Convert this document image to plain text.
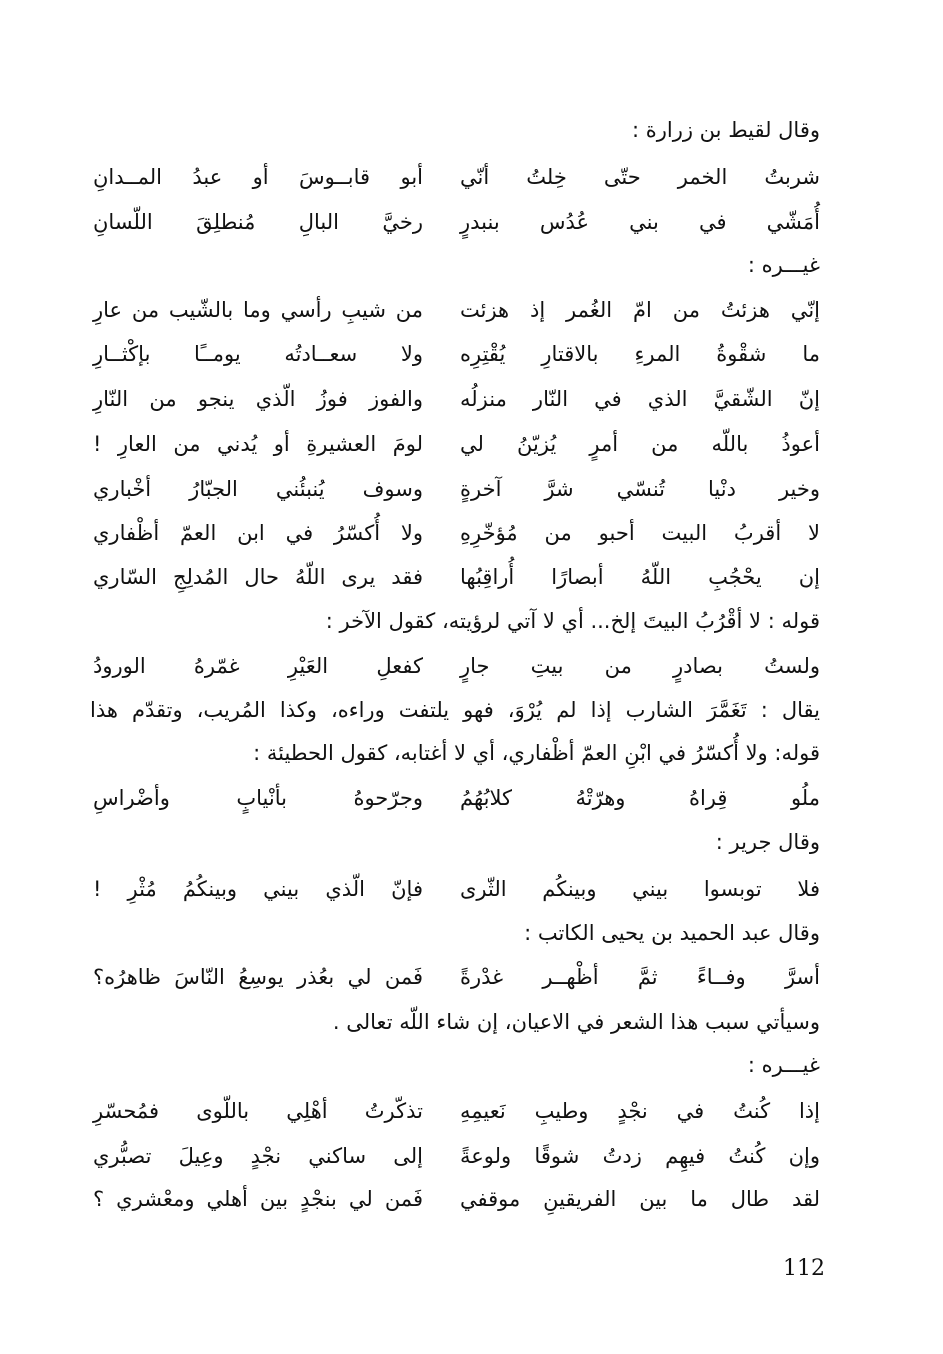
وقال لقيط بن زرارة :
شربتُ الخمر حتّى خِلتُ أنّي
أبو قابــوسَ أو عبدُ المــدانِ
أُمَشّي في بني عُدُس بنبدرٍ
رخيَّ البالِ مُنطلِقَ اللّسانِ
غيـــره :
إنّي هزئتُ من امّ الغُمر إذ هزئت
من شيبِ رأسي وما بالشّيب من عارِ
ما شقْوةُ المرءِ بالاقتارِ يُقْتِرِه
ولا سعــادتُه يومــًا بإكْثــارِ
إنّ الشّقيَّ الذي في النّار منزلُه
والفوز فوزُ الّذي ينجو من النّارِ
أعوذُ باللّه من أمرٍ يُزيّنُ لي
لومَ العشيرةِ أو يُدني من العارِ !
وخير دنْيا تُنسّي شرَّ آخرةٍ
وسوف يُنبئُني الجبّارُ أخْباري
لا أقربُ البيت أحبو من مُؤخّرِهِ
ولا أُكسّرُ في ابن العمّ أظْفاري
إن يحْجُبِ اللّهُ أبصارًا أُراقِبُها
فقد يرى اللّهُ حال المُدلِجِ السّاري
قوله : لا أقْرُبُ البيتَ إلخ... أي لا آتي لرؤيته، كقول الآخر :
ولستُ بصادرٍ من بيتِ جارٍ
كفعلِ العَيْرِ غمّرهُ الورودُ
يقال : تَغَمَّرَ الشارب إذا لم يُرْوَ، فهو يلتفت وراءه، وكذا المُريب، وتقدّم هذا
قوله: ولا أُكسّرُ في ابْنِ العمّ أظْفاري، أي لا أغتابه، كقول الحطيئة :
ملُو قِراهُ وهرّتْهُ كلابُهُمُ
وجرّحوهُ بأنْيابٍ وأضْراسِ
وقال جرير :
فلا توبسوا بيني وبينكُم الثّرى
فإنّ الّذي بيني وبينكُمُ مُثْرِ !
وقال عبد الحميد بن يحيى الكاتب :
أسرَّ وفــاءً ثمَّ أظْهــر غدْرةً
فَمن لي بعُذر يوسِعُ النّاسَ ظاهرُه؟
وسيأتي سبب هذا الشعر في الاعيان، إن شاء اللّه تعالى .
غيـــره :
إذا كُنتُ في نجْدٍ وطيبِ نَعيمِهِ
تذكّرتُ أهْلِي باللّوى فمُحسّرِ
وإن كُنتُ فيهِم زدتُ شوقًا ولوعةً
إلى ساكني نجْدٍ وعِيلَ تصبُّري
لقد طال ما بين الفريقينِ موقفي
فَمن لي بنجْدٍ بين أهلي ومعْشري ؟
112
